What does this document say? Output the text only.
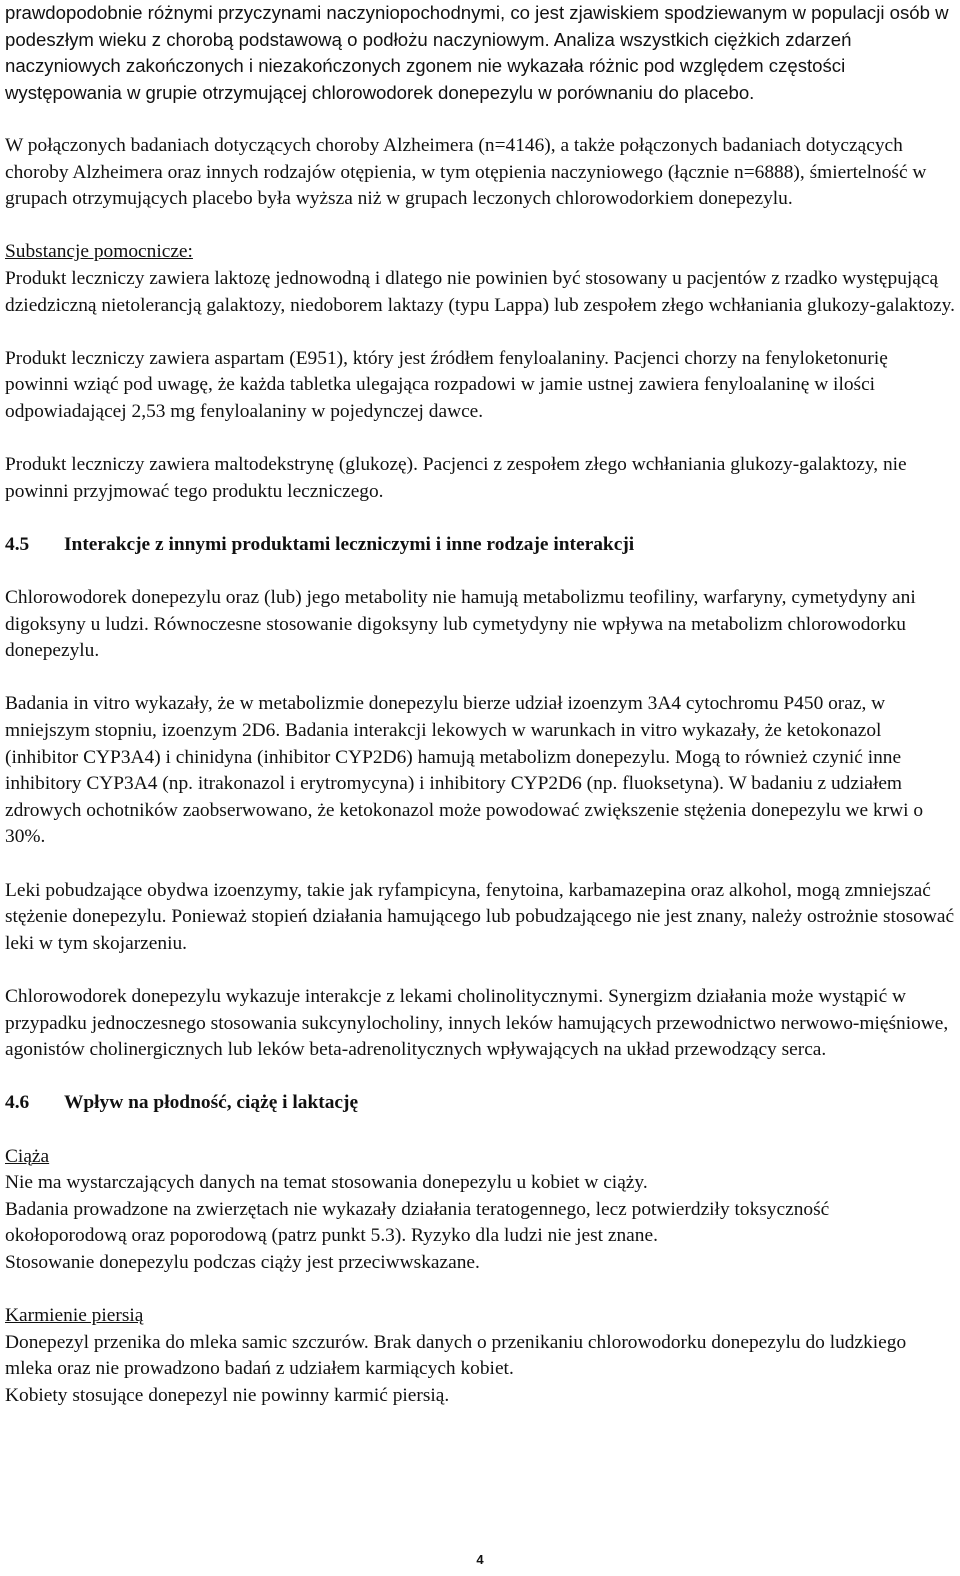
prawdopodobnie różnymi przyczynami naczyniopochodnymi, co jest zjawiskiem spodziewanym w populacji osób w podeszłym wieku z chorobą podstawową o podłożu naczyniowym. Analiza wszystkich ciężkich zdarzeń naczyniowych zakończonych i niezakończonych zgonem nie wykazała różnic pod względem częstości występowania w grupie otrzymującej chlorowodorek donepezylu w porównaniu do placebo.

W połączonych badaniach dotyczących choroby Alzheimera (n=4146), a także połączonych badaniach dotyczących choroby Alzheimera oraz innych rodzajów otępienia, w tym otępienia naczyniowego (łącznie n=6888), śmiertelność w grupach otrzymujących placebo była wyższa niż w grupach leczonych chlorowodorkiem donepezylu.

Substancje pomocnicze:

Produkt leczniczy zawiera laktozę jednowodną i dlatego nie powinien być stosowany u pacjentów z rzadko występującą dziedziczną nietolerancją galaktozy, niedoborem laktazy (typu Lappa) lub zespołem złego wchłaniania glukozy-galaktozy.

Produkt leczniczy zawiera aspartam (E951), który jest źródłem fenyloalaniny. Pacjenci chorzy na fenyloketonurię powinni wziąć pod uwagę, że każda tabletka ulegająca rozpadowi w jamie ustnej zawiera fenyloalaninę w ilości odpowiadającej 2,53 mg fenyloalaniny w pojedynczej dawce.

Produkt leczniczy zawiera maltodekstrynę (glukozę). Pacjenci z zespołem złego wchłaniania glukozy-galaktozy, nie powinni przyjmować tego produktu leczniczego.

4.5 Interakcje z innymi produktami leczniczymi i inne rodzaje interakcji

Chlorowodorek donepezylu oraz (lub) jego metabolity nie hamują metabolizmu teofiliny, warfaryny, cymetydyny ani digoksyny u ludzi. Równoczesne stosowanie digoksyny lub cymetydyny nie wpływa na metabolizm chlorowodorku donepezylu.

Badania in vitro wykazały, że w metabolizmie donepezylu bierze udział izoenzym 3A4 cytochromu P450 oraz, w mniejszym stopniu, izoenzym 2D6. Badania interakcji lekowych w warunkach in vitro wykazały, że ketokonazol (inhibitor CYP3A4) i chinidyna (inhibitor CYP2D6) hamują metabolizm donepezylu. Mogą to również czynić inne inhibitory CYP3A4 (np. itrakonazol i erytromycyna) i inhibitory CYP2D6 (np. fluoksetyna). W badaniu z udziałem zdrowych ochotników zaobserwowano, że ketokonazol może powodować zwiększenie stężenia donepezylu we krwi o 30%.

Leki pobudzające obydwa izoenzymy, takie jak ryfampicyna, fenytoina, karbamazepina oraz alkohol, mogą zmniejszać stężenie donepezylu. Ponieważ stopień działania hamującego lub pobudzającego nie jest znany, należy ostrożnie stosować leki w tym skojarzeniu.

Chlorowodorek donepezylu wykazuje interakcje z lekami cholinolitycznymi. Synergizm działania może wystąpić w przypadku jednoczesnego stosowania sukcynylocholiny, innych leków hamujących przewodnictwo nerwowo-mięśniowe, agonistów cholinergicznych lub leków beta-adrenolitycznych wpływających na układ przewodzący serca.

4.6 Wpływ na płodność, ciążę i laktację

Ciąża

Nie ma wystarczających danych na temat stosowania donepezylu u kobiet w ciąży.

Badania prowadzone na zwierzętach nie wykazały działania teratogennego, lecz potwierdziły toksyczność okołoporodową oraz poporodową (patrz punkt 5.3). Ryzyko dla ludzi nie jest znane.

Stosowanie donepezylu podczas ciąży jest przeciwwskazane.

Karmienie piersią

Donepezyl przenika do mleka samic szczurów. Brak danych o przenikaniu chlorowodorku donepezylu do ludzkiego mleka oraz nie prowadzono badań z udziałem karmiących kobiet.

Kobiety stosujące donepezyl nie powinny karmić piersią.

4
